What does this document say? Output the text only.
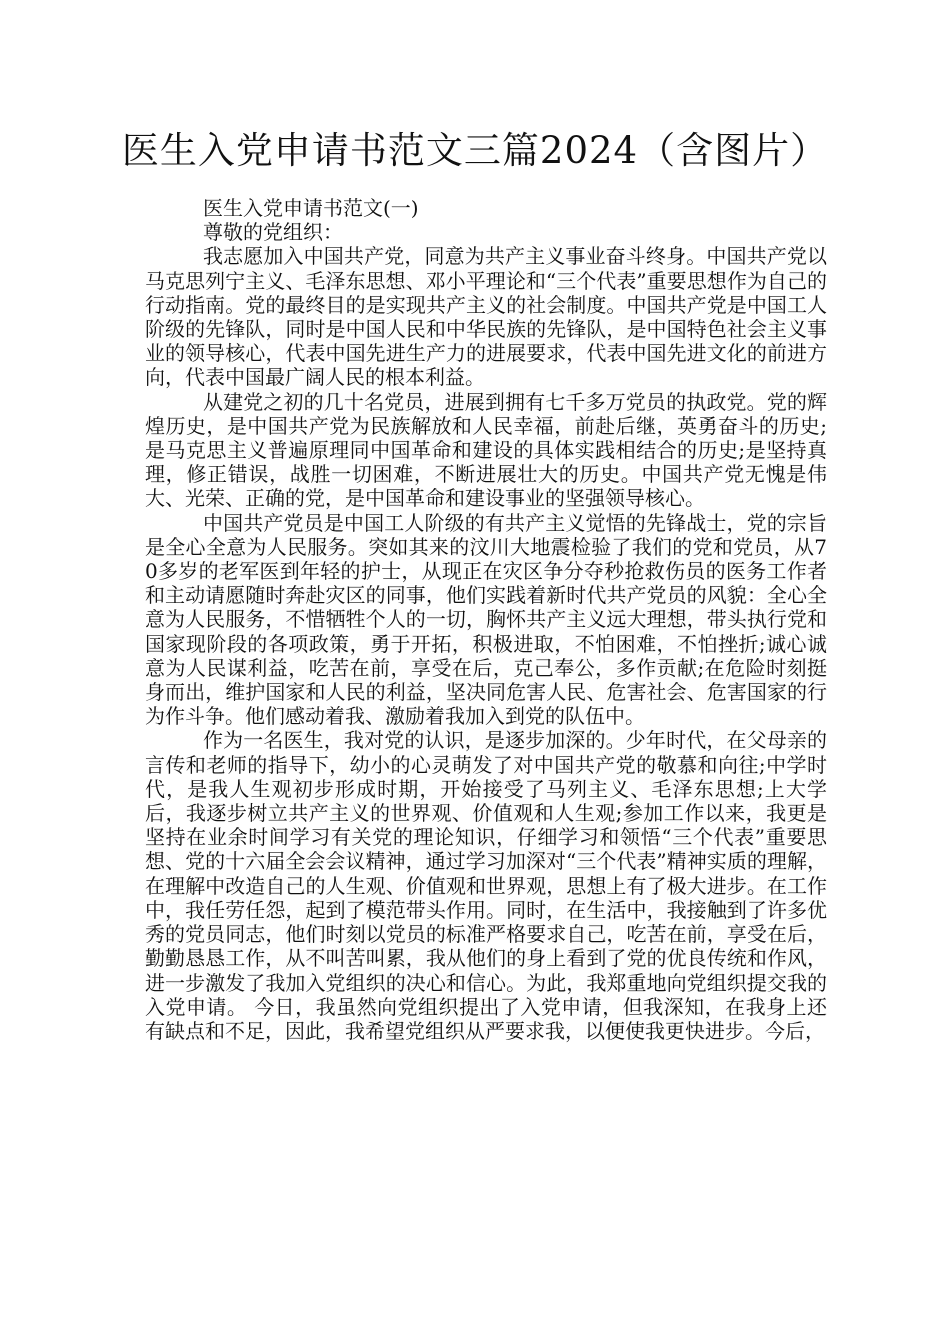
医生入党申请书范文三篇2024（含图片）

医生入党申请书范文(一)

尊敬的党组织：

我志愿加入中国共产党，同意为共产主义事业奋斗终身。中国共产党以马克思列宁主义、毛泽东思想、邓小平理论和“三个代表”重要思想作为自己的行动指南。党的最终目的是实现共产主义的社会制度。中国共产党是中国工人阶级的先锋队，同时是中国人民和中华民族的先锋队，是中国特色社会主义事业的领导核心，代表中国先进生产力的进展要求，代表中国先进文化的前进方向，代表中国最广阔人民的根本利益。

从建党之初的几十名党员，进展到拥有七千多万党员的执政党。党的辉煌历史，是中国共产党为民族解放和人民幸福，前赴后继，英勇奋斗的历史;是马克思主义普遍原理同中国革命和建设的具体实践相结合的历史;是坚持真理，修正错误，战胜一切困难，不断进展壮大的历史。中国共产党无愧是伟大、光荣、正确的党，是中国革命和建设事业的坚强领导核心。

中国共产党员是中国工人阶级的有共产主义觉悟的先锋战士，党的宗旨是全心全意为人民服务。突如其来的汶川大地震检验了我们的党和党员，从70多岁的老军医到年轻的护士，从现正在灾区争分夺秒抢救伤员的医务工作者和主动请愿随时奔赴灾区的同事，他们实践着新时代共产党员的风貌：全心全意为人民服务，不惜牺牲个人的一切，胸怀共产主义远大理想，带头执行党和国家现阶段的各项政策，勇于开拓，积极进取，不怕困难，不怕挫折;诚心诚意为人民谋利益，吃苦在前，享受在后，克己奉公，多作贡献;在危险时刻挺身而出，维护国家和人民的利益，坚决同危害人民、危害社会、危害国家的行为作斗争。他们感动着我、激励着我加入到党的队伍中。

作为一名医生，我对党的认识，是逐步加深的。少年时代，在父母亲的言传和老师的指导下，幼小的心灵萌发了对中国共产党的敬慕和向往;中学时代，是我人生观初步形成时期，开始接受了马列主义、毛泽东思想;上大学后，我逐步树立共产主义的世界观、价值观和人生观;参加工作以来，我更是坚持在业余时间学习有关党的理论知识，仔细学习和领悟“三个代表”重要思想、党的十六届全会会议精神，通过学习加深对“三个代表”精神实质的理解，在理解中改造自己的人生观、价值观和世界观，思想上有了极大进步。在工作中，我任劳任怨，起到了模范带头作用。同时，在生活中，我接触到了许多优秀的党员同志，他们时刻以党员的标准严格要求自己，吃苦在前，享受在后，勤勤恳恳工作，从不叫苦叫累，我从他们的身上看到了党的优良传统和作风，进一步激发了我加入党组织的决心和信心。为此，我郑重地向党组织提交我的入党申请。 今日，我虽然向党组织提出了入党申请，但我深知，在我身上还有缺点和不足，因此，我希望党组织从严要求我，以便使我更快进步。今后，
